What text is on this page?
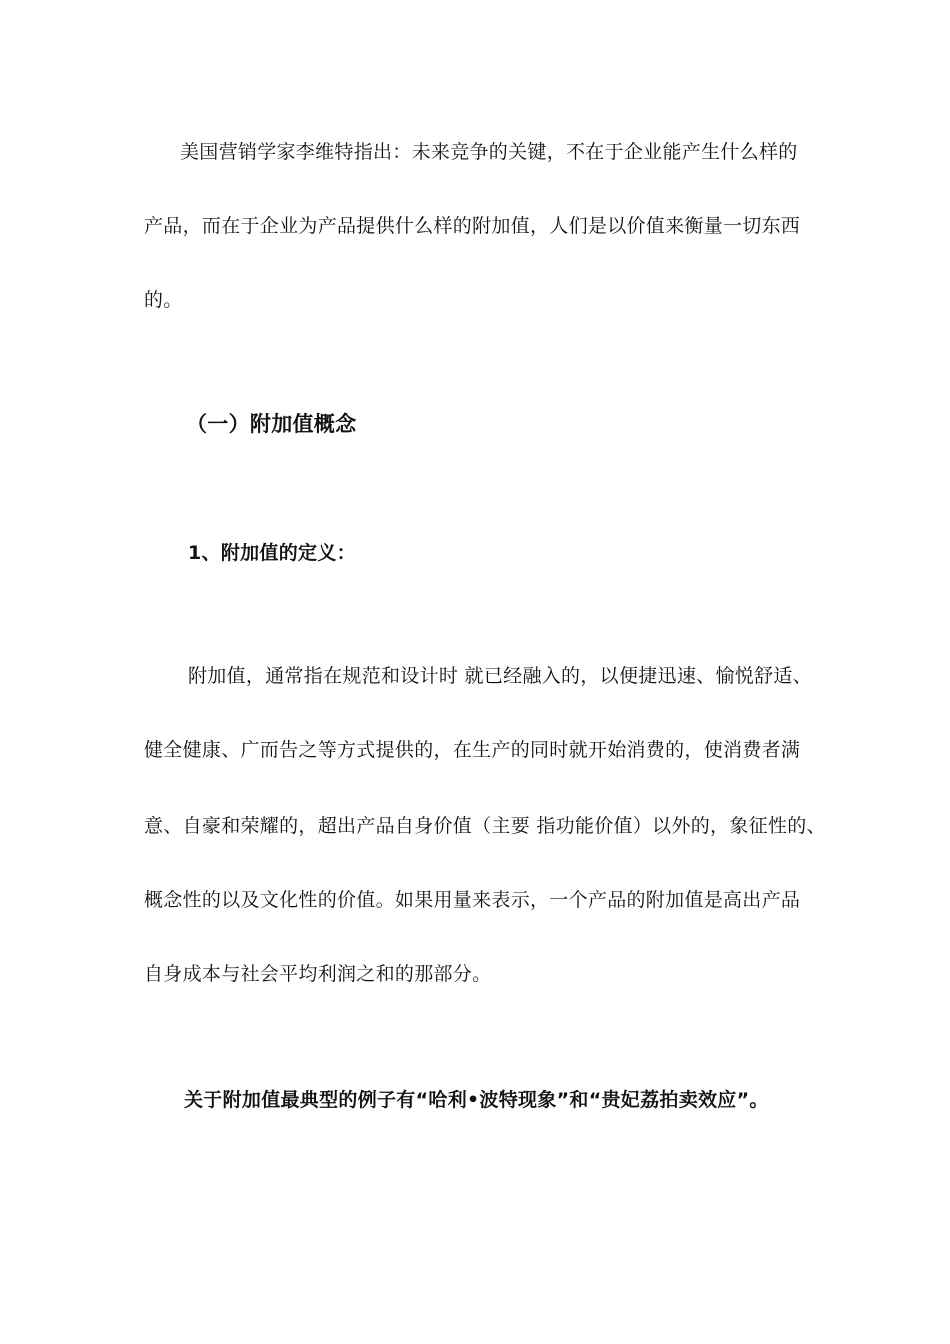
美国营销学家李维特指出：未来竞争的关键，不在于企业能产生什么样的
产品，而在于企业为产品提供什么样的附加值，人们是以价值来衡量一切东西
的。
（一）附加值概念
1、附加值的定义：
附加值，通常指在规范和设计时 就已经融入的，以便捷迅速、愉悦舒适、
健全健康、广而告之等方式提供的，在生产的同时就开始消费的，使消费者满
意、自豪和荣耀的，超出产品自身价值（主要 指功能价值）以外的，象征性的、
概念性的以及文化性的价值。如果用量来表示，一个产品的附加值是高出产品
自身成本与社会平均利润之和的那部分。
关于附加值最典型的例子有“哈利•波特现象”和“贵妃荔拍卖效应”。
